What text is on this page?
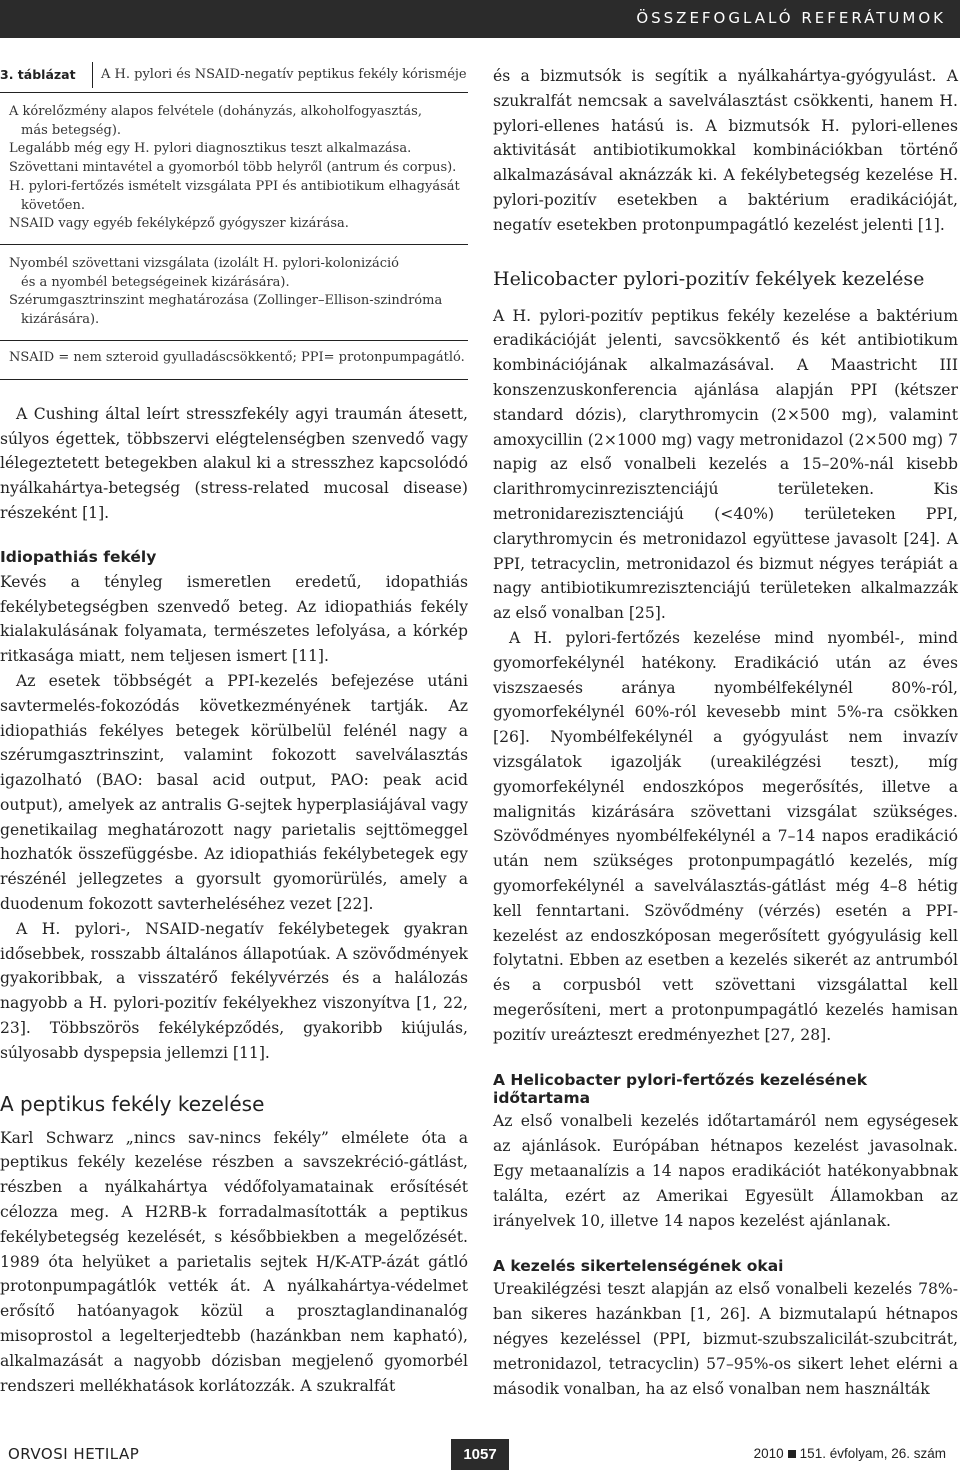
ÖSSZEFOGLALÓ REFERÁTUMOK
3. táblázat A H. pylori és NSAID-negatív peptikus fekély kórisméje

A kórelőzmény alapos felvétele (dohányzás, alkoholfogyasztás,

más betegség).

Legalább még egy H. pylori diagnosztikus teszt alkalmazása.

Szövettani mintavétel a gyomorból több helyről (antrum és corpus).

H. pylori-fertőzés ismételt vizsgálata PPI és antibiotikum elhagyását

követően.

NSAID vagy egyéb fekélyképző gyógyszer kizárása.

Nyombél szövettani vizsgálata (izolált H. pylori-kolonizáció

és a nyombél betegségeinek kizárására).

Szérumgasztrinszint meghatározása (Zollinger–Ellison-szindróma

kizárására).

NSAID = nem szteroid gyulladáscsökkentő; PPI= protonpumpagátló.

A Cushing által leírt stresszfekély agyi traumán átesett, súlyos égettek, többszervi elégtelenségben szenvedő vagy lélegeztetett betegekben alakul ki a stresszhez kapcsolódó nyálkahártya-betegség (stress-related mucosal disease) részeként [1].

Idiopathiás fekély

Kevés a tényleg ismeretlen eredetű, idopathiás fekélybetegségben szenvedő beteg. Az idiopathiás fekély kialakulásának folyamata, természetes lefolyása, a kórkép ritkasága miatt, nem teljesen ismert [11].

Az esetek többségét a PPI-kezelés befejezése utáni savtermelés-fokozódás következményének tartják. Az idiopathiás fekélyes betegek körülbelül felénél nagy a szérumgasztrinszint, valamint fokozott savelválasztás igazolható (BAO: basal acid output, PAO: peak acid output), amelyek az antralis G-sejtek hyperplasiájával vagy genetikailag meghatározott nagy parietalis sejttömeggel hozhatók összefüggésbe. Az idiopathiás fekélybetegek egy részénél jellegzetes a gyorsult gyomorürülés, amely a duodenum fokozott savterheléséhez vezet [22].

A H. pylori-, NSAID-negatív fekélybetegek gyakran idősebbek, rosszabb általános állapotúak. A szövődmények gyakoribbak, a visszatérő fekélyvérzés és a halálozás nagyobb a H. pylori-pozitív fekélyekhez viszonyítva [1, 22, 23]. Többszörös fekélyképződés, gyakoribb kiújulás, súlyosabb dyspepsia jellemzi [11].

A peptikus fekély kezelése

Karl Schwarz „nincs sav-nincs fekély” elmélete óta a peptikus fekély kezelése részben a savszekréció-gátlást, részben a nyálkahártya védőfolyamatainak erősítését célozza meg. A H2RB-k forradalmasították a peptikus fekélybetegség kezelését, s későbbiekben a megelőzését. 1989 óta helyüket a parietalis sejtek H/K-ATP-ázát gátló protonpumpagátlók vették át. A nyálkahártya-védelmet erősítő hatóanyagok közül a prosztaglandinanalóg misoprostol a legelterjedtebb (hazánkban nem kapható), alkalmazását a nagyobb dózisban megjelenő gyomorbél rendszeri mellékhatások korlátozzák. A szukralfát

és a bizmutsók is segítik a nyálkahártya-gyógyulást. A szukralfát nemcsak a savelválasztást csökkenti, hanem H. pylori-ellenes hatású is. A bizmutsók H. pylori-ellenes aktivitását antibiotikumokkal kombinációkban történő alkalmazásával aknázzák ki. A fekélybetegség kezelése H. pylori-pozitív esetekben a baktérium eradikációját, negatív esetekben protonpumpagátló kezelést jelenti [1].

Helicobacter pylori-pozitív fekélyek kezelése

A H. pylori-pozitív peptikus fekély kezelése a baktérium eradikációját jelenti, savcsökkentő és két antibiotikum kombinációjának alkalmazásával. A Maastricht III konszenzuskonferencia ajánlása alapján PPI (kétszer standard dózis), clarythromycin (2×500 mg), valamint amoxycillin (2×1000 mg) vagy metronidazol (2×500 mg) 7 napig az első vonalbeli kezelés a 15–20%-nál kisebb clarithromycinrezisztenciájú területeken. Kis metronidarezisztenciájú (<40%) területeken PPI, clarythromycin és metronidazol együttese javasolt [24]. A PPI, tetracyclin, metronidazol és bizmut négyes terápiát a nagy antibiotikumrezisztenciájú területeken alkalmazzák az első vonalban [25].

A H. pylori-fertőzés kezelése mind nyombél-, mind gyomorfekélynél hatékony. Eradikáció után az éves viszszaesés aránya nyombélfekélynél 80%-ról, gyomorfekélynél 60%-ról kevesebb mint 5%-ra csökken [26]. Nyombélfekélynél a gyógyulást nem invazív vizsgálatok igazolják (ureakilégzési teszt), míg gyomorfekélynél endoszkópos megerősítés, illetve a malignitás kizárására szövettani vizsgálat szükséges. Szövődményes nyombélfekélynél a 7–14 napos eradikáció után nem szükséges protonpumpagátló kezelés, míg gyomorfekélynél a savelválasztás-gátlást még 4–8 hétig kell fenntartani. Szövődmény (vérzés) esetén a PPI-kezelést az endoszkóposan megerősített gyógyulásig kell folytatni. Ebben az esetben a kezelés sikerét az antrumból és a corpusból vett szövettani vizsgálattal kell megerősíteni, mert a protonpumpagátló kezelés hamisan pozitív ureázteszt eredményezhet [27, 28].

A Helicobacter pylori-fertőzés kezelésének időtartama

Az első vonalbeli kezelés időtartamáról nem egységesek az ajánlások. Európában hétnapos kezelést javasolnak. Egy metaanalízis a 14 napos eradikációt hatékonyabbnak találta, ezért az Amerikai Egyesült Államokban az irányelvek 10, illetve 14 napos kezelést ajánlanak.

A kezelés sikertelenségének okai

Ureakilégzési teszt alapján az első vonalbeli kezelés 78%-ban sikeres hazánkban [1, 26]. A bizmutalapú hétnapos négyes kezeléssel (PPI, bizmut-szubszalicilát-szubcitrát, metronidazol, tetracyclin) 57–95%-os sikert lehet elérni a második vonalban, ha az első vonalban nem használták

ORVOSI HETILAP	1057	2010 151. évfolyam, 26. szám
